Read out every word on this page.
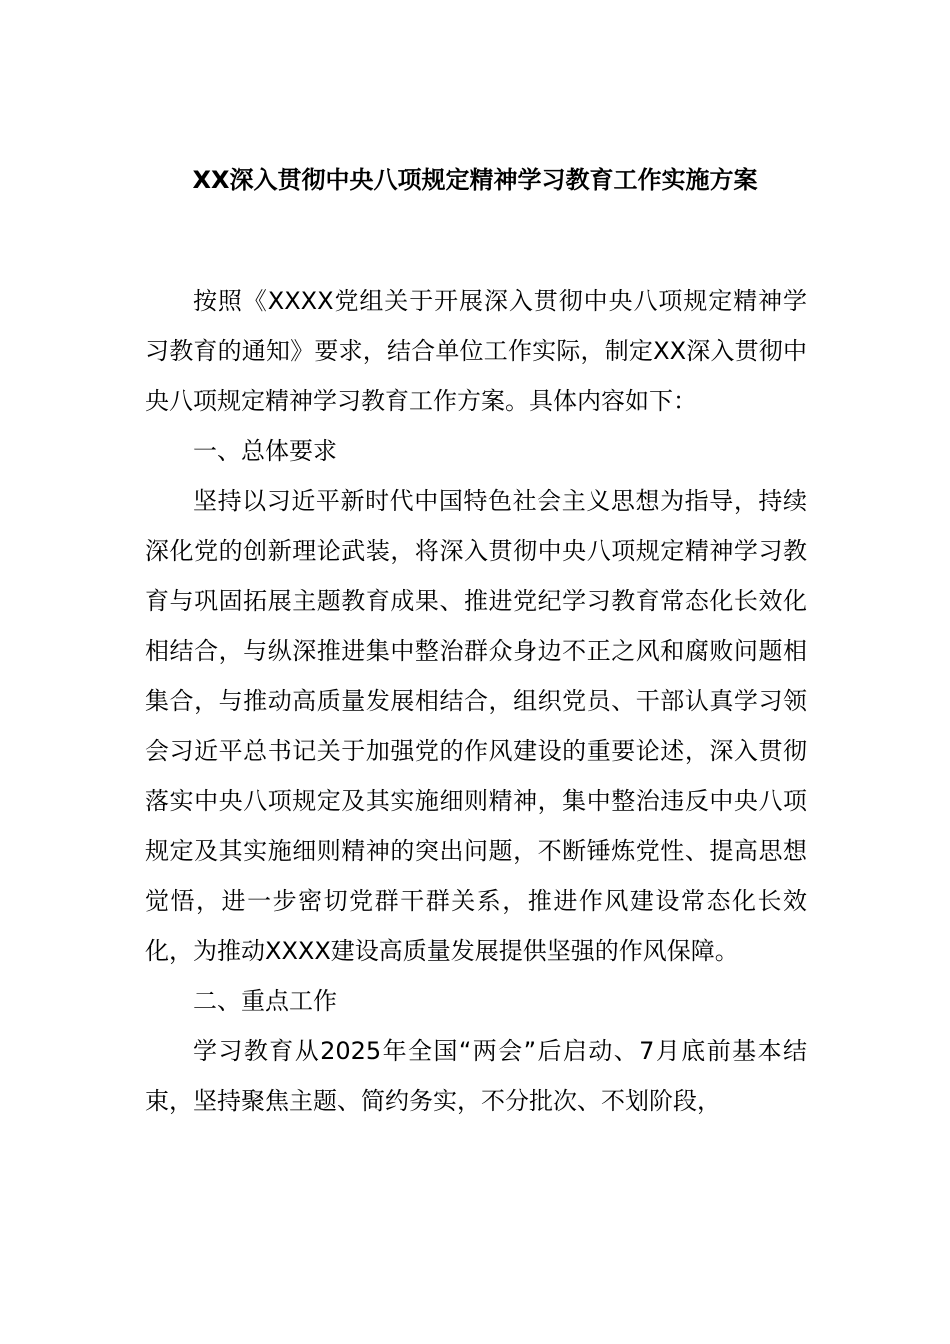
XX深入贯彻中央八项规定精神学习教育工作实施方案

按照《XXXX党组关于开展深入贯彻中央八项规定精神学习教育的通知》要求，结合单位工作实际，制定XX深入贯彻中央八项规定精神学习教育工作方案。具体内容如下：

一、总体要求

坚持以习近平新时代中国特色社会主义思想为指导，持续深化党的创新理论武装，将深入贯彻中央八项规定精神学习教育与巩固拓展主题教育成果、推进党纪学习教育常态化长效化相结合，与纵深推进集中整治群众身边不正之风和腐败问题相集合，与推动高质量发展相结合，组织党员、干部认真学习领会习近平总书记关于加强党的作风建设的重要论述，深入贯彻落实中央八项规定及其实施细则精神，集中整治违反中央八项规定及其实施细则精神的突出问题，不断锤炼党性、提高思想觉悟，进一步密切党群干群关系，推进作风建设常态化长效化，为推动XXXX建设高质量发展提供坚强的作风保障。

二、重点工作

学习教育从2025年全国“两会”后启动、7月底前基本结束，坚持聚焦主题、简约务实，不分批次、不划阶段，
